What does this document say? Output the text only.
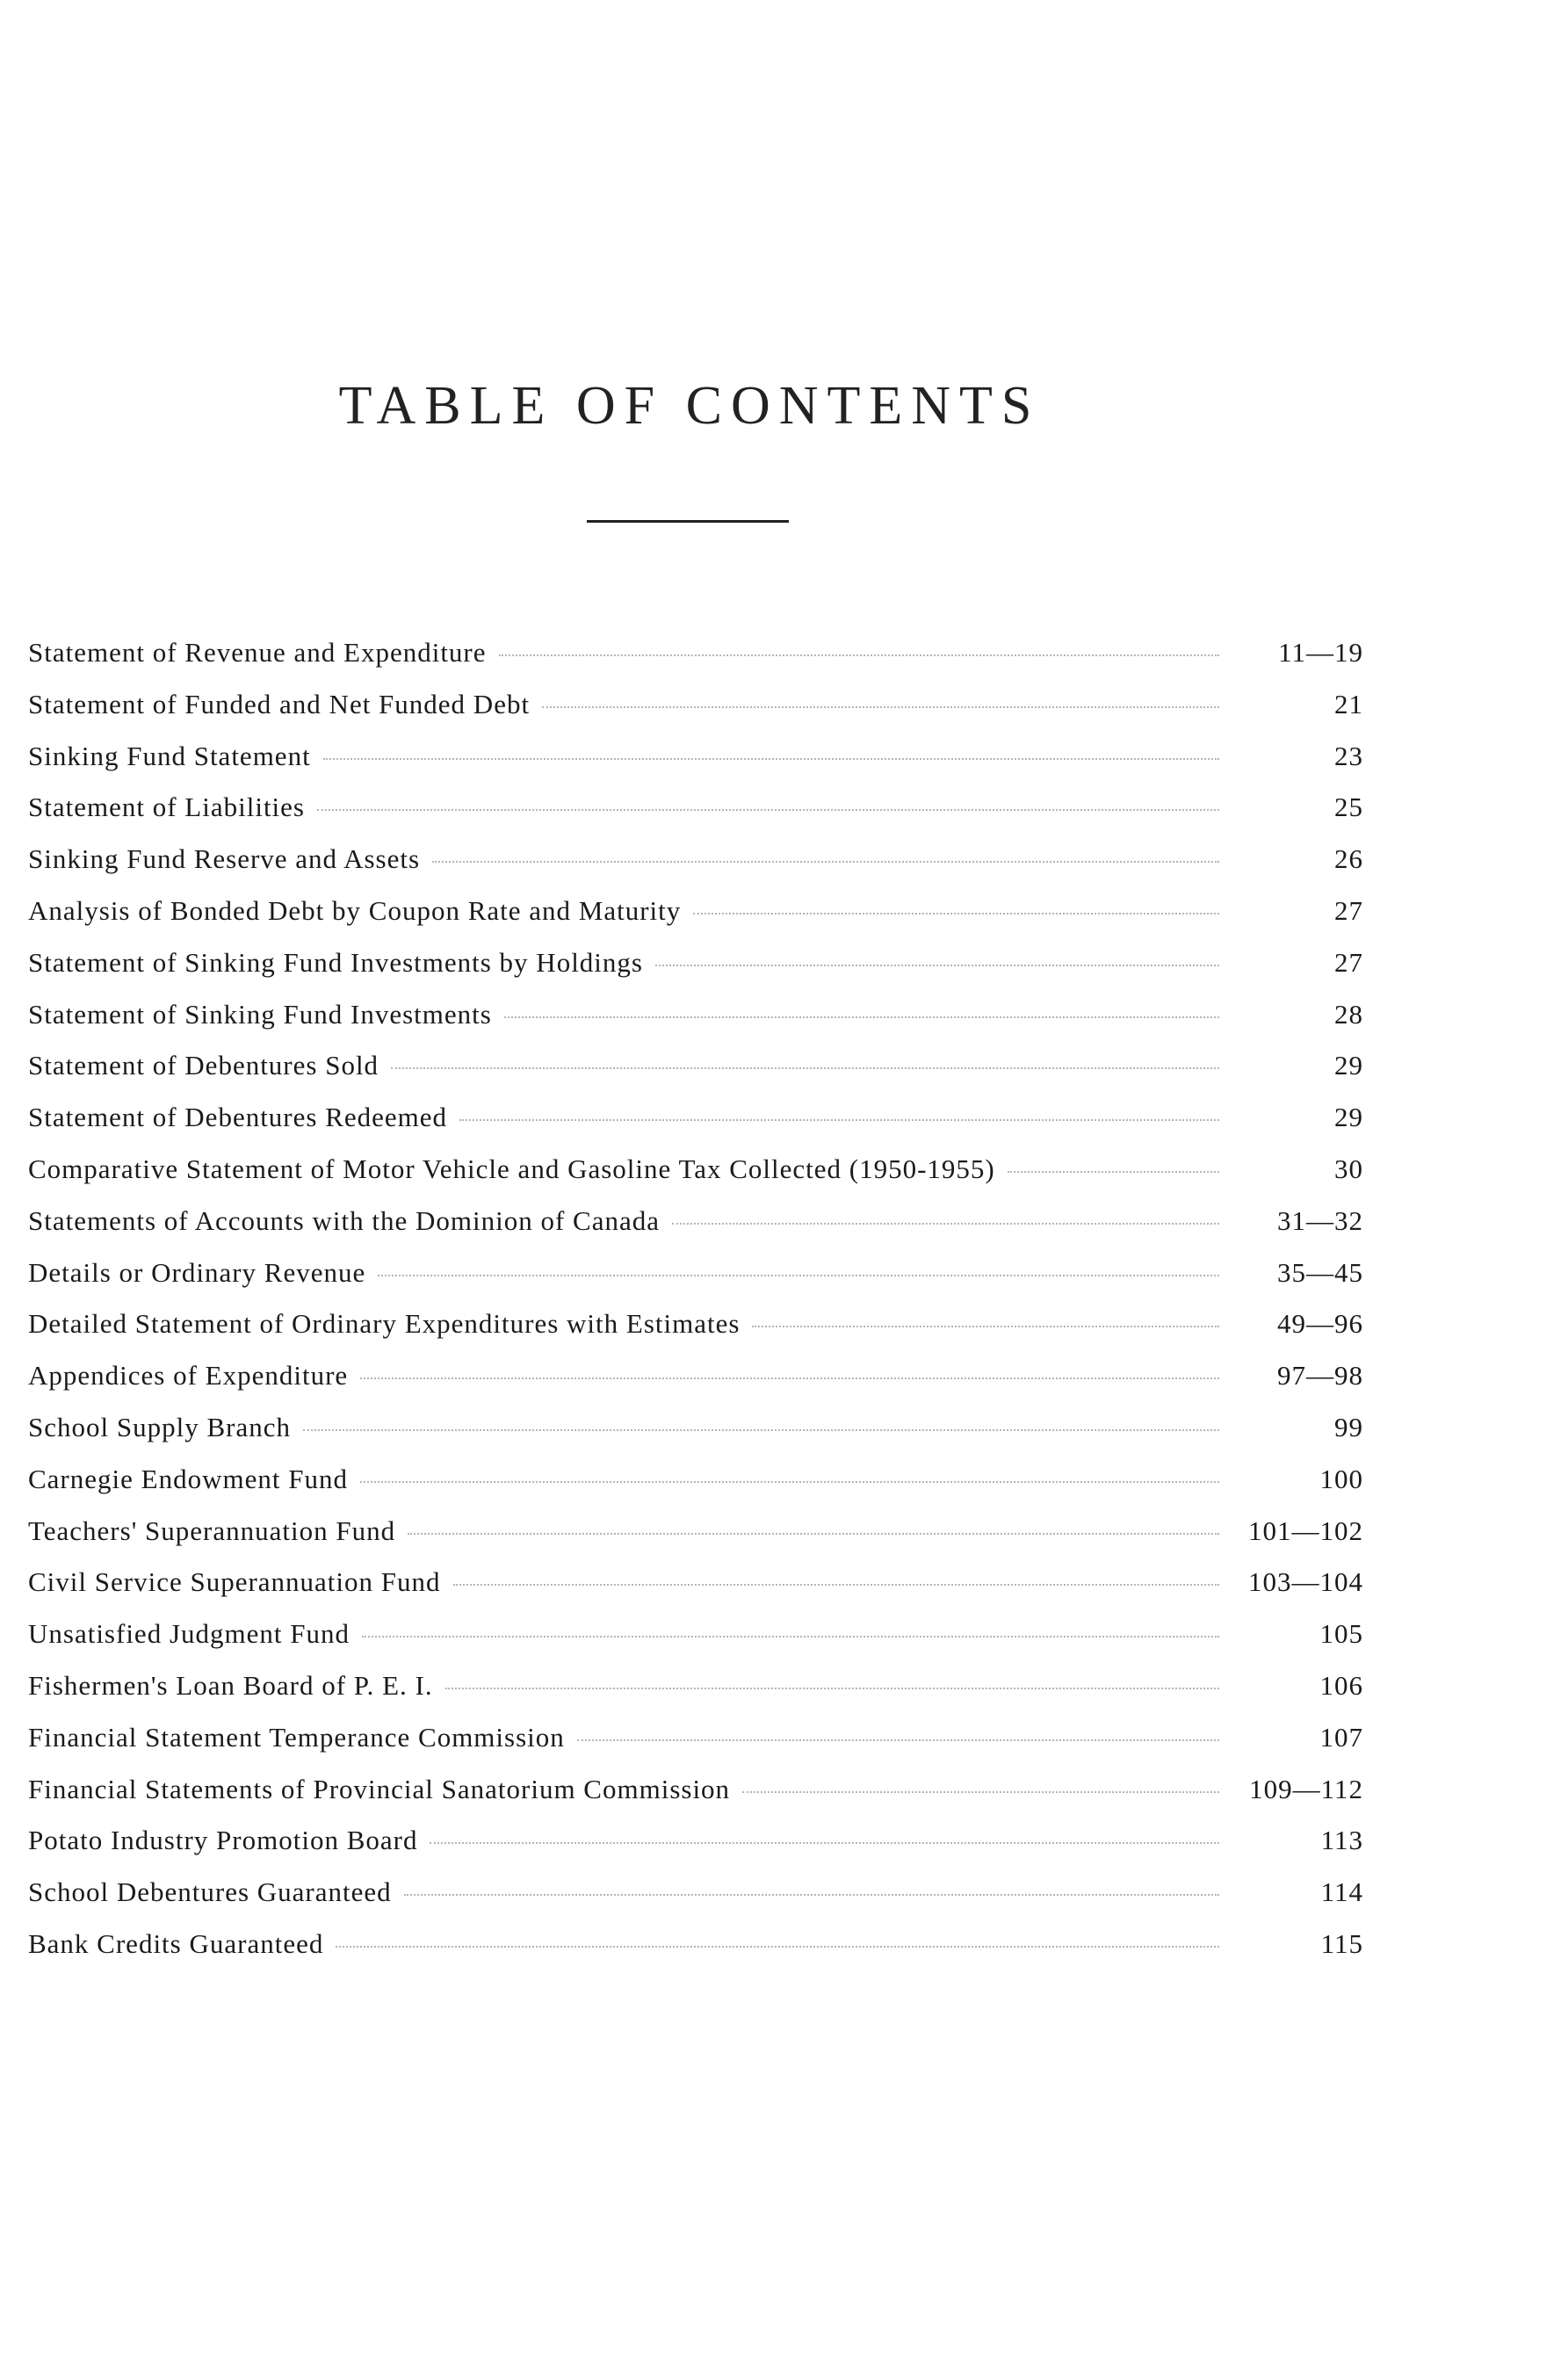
TABLE OF CONTENTS
Statement of Revenue and Expenditure	11—19
Statement of Funded and Net Funded Debt	21
Sinking Fund Statement	23
Statement of Liabilities	25
Sinking Fund Reserve and Assets	26
Analysis of Bonded Debt by Coupon Rate and Maturity	27
Statement of Sinking Fund Investments by Holdings	27
Statement of Sinking Fund Investments	28
Statement of Debentures Sold	29
Statement of Debentures Redeemed	29
Comparative Statement of Motor Vehicle and Gasoline Tax Collected (1950-1955)	30
Statements of Accounts with the Dominion of Canada	31—32
Details or Ordinary Revenue	35—45
Detailed Statement of Ordinary Expenditures with Estimates	49—96
Appendices of Expenditure	97—98
School Supply Branch	99
Carnegie Endowment Fund	100
Teachers' Superannuation Fund	101—102
Civil Service Superannuation Fund	103—104
Unsatisfied Judgment Fund	105
Fishermen's Loan Board of P. E. I.	106
Financial Statement Temperance Commission	107
Financial Statements of Provincial Sanatorium Commission	109—112
Potato Industry Promotion Board	113
School Debentures Guaranteed	114
Bank Credits Guaranteed	115
